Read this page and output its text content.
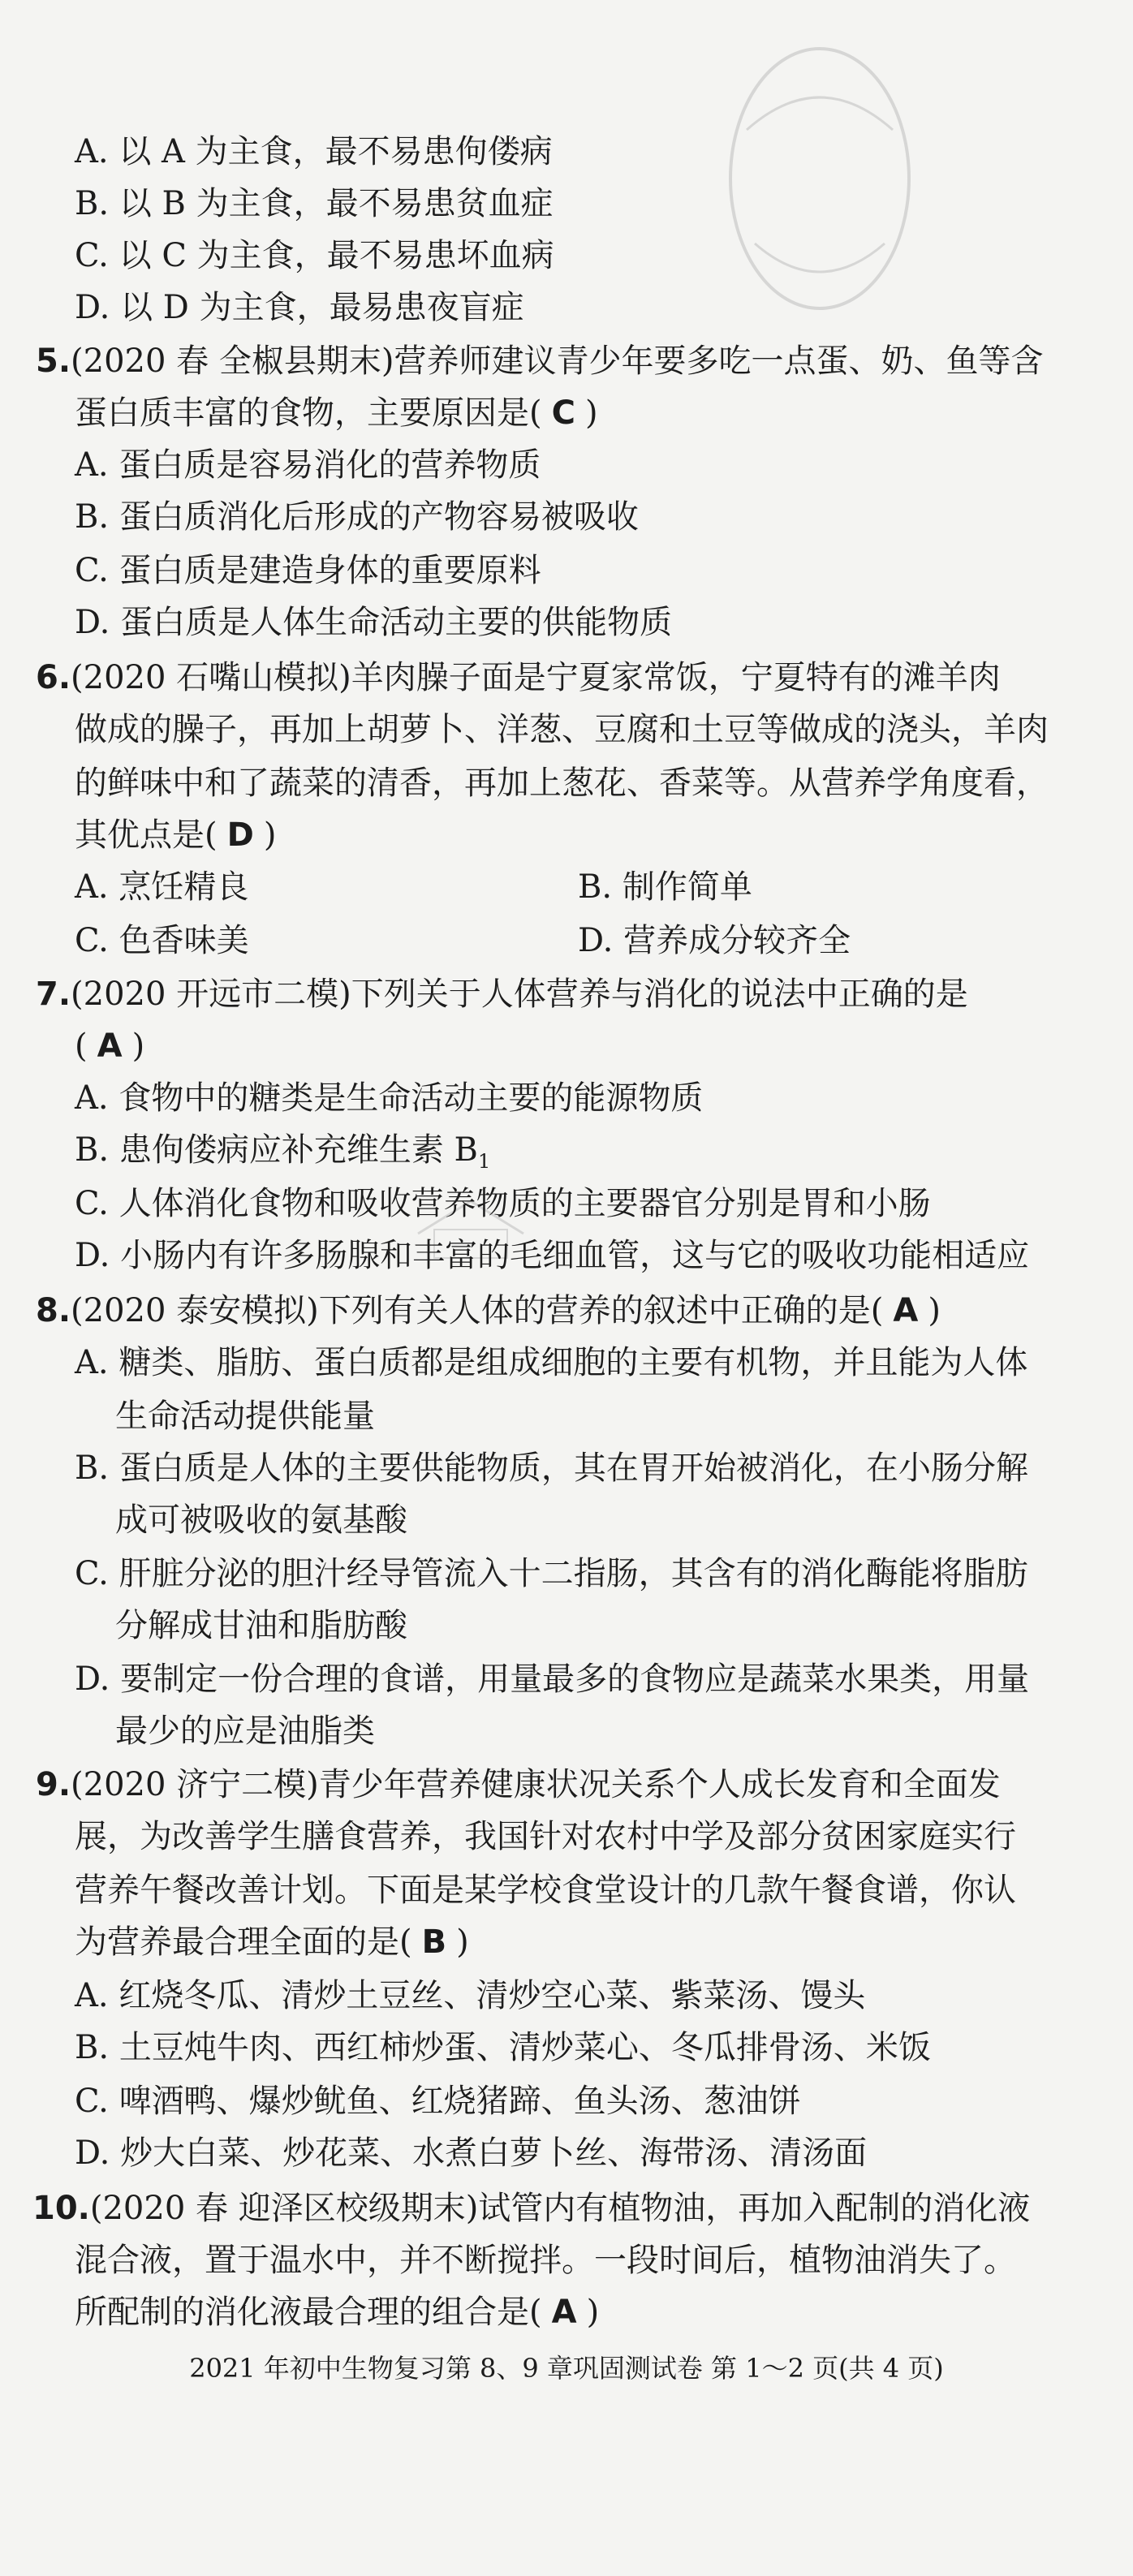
A. 以 A 为主食，最不易患佝偻病
B. 以 B 为主食，最不易患贫血症
C. 以 C 为主食，最不易患坏血病
D. 以 D 为主食，最易患夜盲症
5.(2020 春 全椒县期末)营养师建议青少年要多吃一点蛋、奶、鱼等含
蛋白质丰富的食物，主要原因是( C )
A. 蛋白质是容易消化的营养物质
B. 蛋白质消化后形成的产物容易被吸收
C. 蛋白质是建造身体的重要原料
D. 蛋白质是人体生命活动主要的供能物质
6.(2020 石嘴山模拟)羊肉臊子面是宁夏家常饭，宁夏特有的滩羊肉
做成的臊子，再加上胡萝卜、洋葱、豆腐和土豆等做成的浇头，羊肉
的鲜味中和了蔬菜的清香，再加上葱花、香菜等。从营养学角度看，
其优点是( D )
A. 烹饪精良	B. 制作简单
C. 色香味美	D. 营养成分较齐全
7.(2020 开远市二模)下列关于人体营养与消化的说法中正确的是
( A )
A. 食物中的糖类是生命活动主要的能源物质
B. 患佝偻病应补充维生素 $B_1$
C. 人体消化食物和吸收营养物质的主要器官分别是胃和小肠
D. 小肠内有许多肠腺和丰富的毛细血管，这与它的吸收功能相适应
8.(2020 泰安模拟)下列有关人体的营养的叙述中正确的是( A )
A. 糖类、脂肪、蛋白质都是组成细胞的主要有机物，并且能为人体
生命活动提供能量
B. 蛋白质是人体的主要供能物质，其在胃开始被消化，在小肠分解
成可被吸收的氨基酸
C. 肝脏分泌的胆汁经导管流入十二指肠，其含有的消化酶能将脂肪
分解成甘油和脂肪酸
D. 要制定一份合理的食谱，用量最多的食物应是蔬菜水果类，用量
最少的应是油脂类
9.(2020 济宁二模)青少年营养健康状况关系个人成长发育和全面发
展，为改善学生膳食营养，我国针对农村中学及部分贫困家庭实行
营养午餐改善计划。下面是某学校食堂设计的几款午餐食谱，你认
为营养最合理全面的是( B )
A. 红烧冬瓜、清炒土豆丝、清炒空心菜、紫菜汤、馒头
B. 土豆炖牛肉、西红柿炒蛋、清炒菜心、冬瓜排骨汤、米饭
C. 啤酒鸭、爆炒鱿鱼、红烧猪蹄、鱼头汤、葱油饼
D. 炒大白菜、炒花菜、水煮白萝卜丝、海带汤、清汤面
10.(2020 春 迎泽区校级期末)试管内有植物油，再加入配制的消化液
混合液，置于温水中，并不断搅拌。一段时间后，植物油消失了。
所配制的消化液最合理的组合是( A )
2021 年初中生物复习第 8、9 章巩固测试卷 第 1～2 页(共 4 页)
